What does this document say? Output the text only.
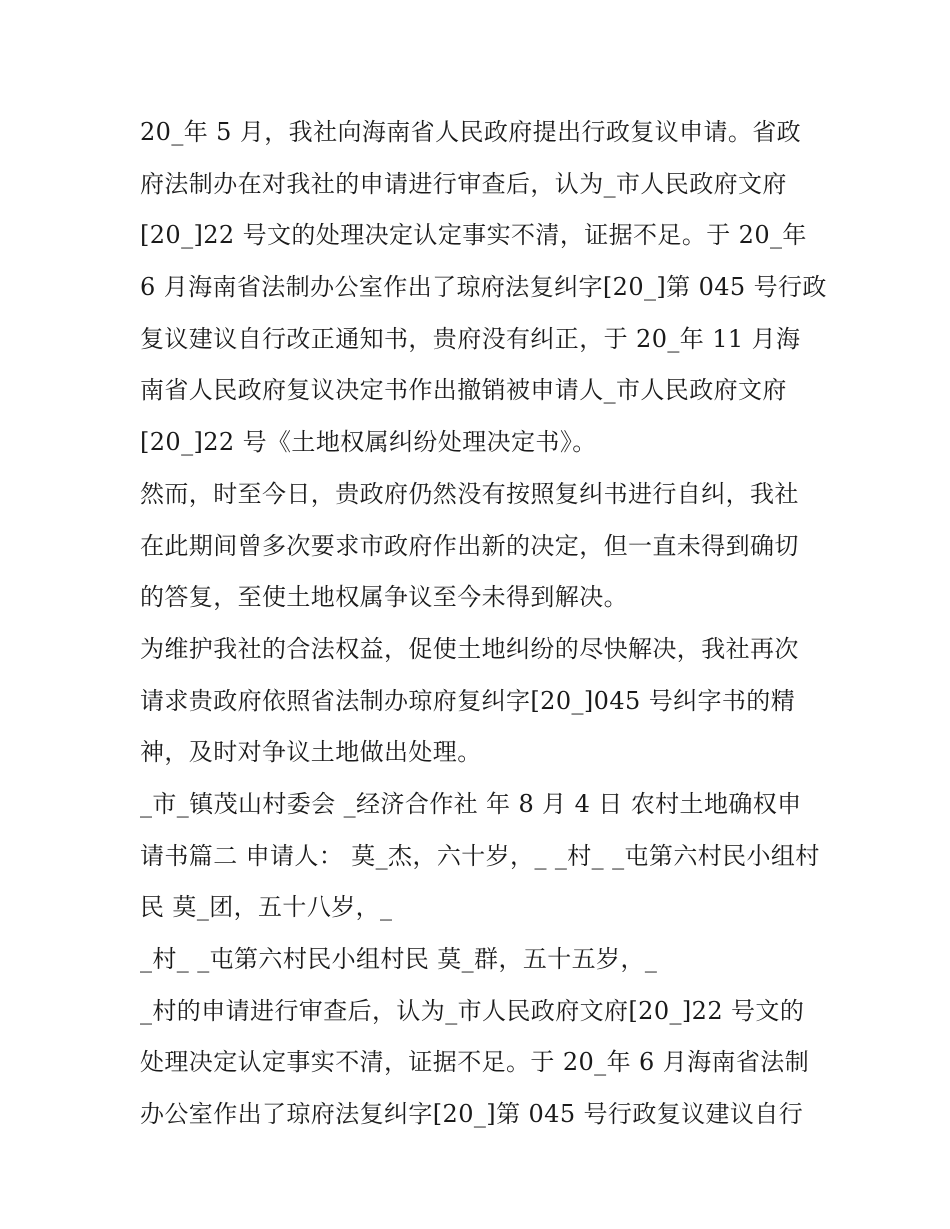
20_年 5 月，我社向海南省人民政府提出行政复议申请。省政
府法制办在对我社的申请进行审查后，认为_市人民政府文府
[20_]22 号文的处理决定认定事实不清，证据不足。于 20_年
6 月海南省法制办公室作出了琼府法复纠字[20_]第 045 号行政
复议建议自行改正通知书，贵府没有纠正，于 20_年 11 月海
南省人民政府复议决定书作出撤销被申请人_市人民政府文府
[20_]22 号《土地权属纠纷处理决定书》。
然而，时至今日，贵政府仍然没有按照复纠书进行自纠，我社
在此期间曾多次要求市政府作出新的决定，但一直未得到确切
的答复，至使土地权属争议至今未得到解决。
为维护我社的合法权益，促使土地纠纷的尽快解决，我社再次
请求贵政府依照省法制办琼府复纠字[20_]045 号纠字书的精
神，及时对争议土地做出处理。
_市_镇茂山村委会 _经济合作社 年 8 月 4 日 农村土地确权申
请书篇二 申请人： 莫_杰，六十岁，_ _村_ _屯第六村民小组村
民 莫_团，五十八岁，_
_村_ _屯第六村民小组村民 莫_群，五十五岁，_
_村的申请进行审查后，认为_市人民政府文府[20_]22 号文的
处理决定认定事实不清，证据不足。于 20_年 6 月海南省法制
办公室作出了琼府法复纠字[20_]第 045 号行政复议建议自行
